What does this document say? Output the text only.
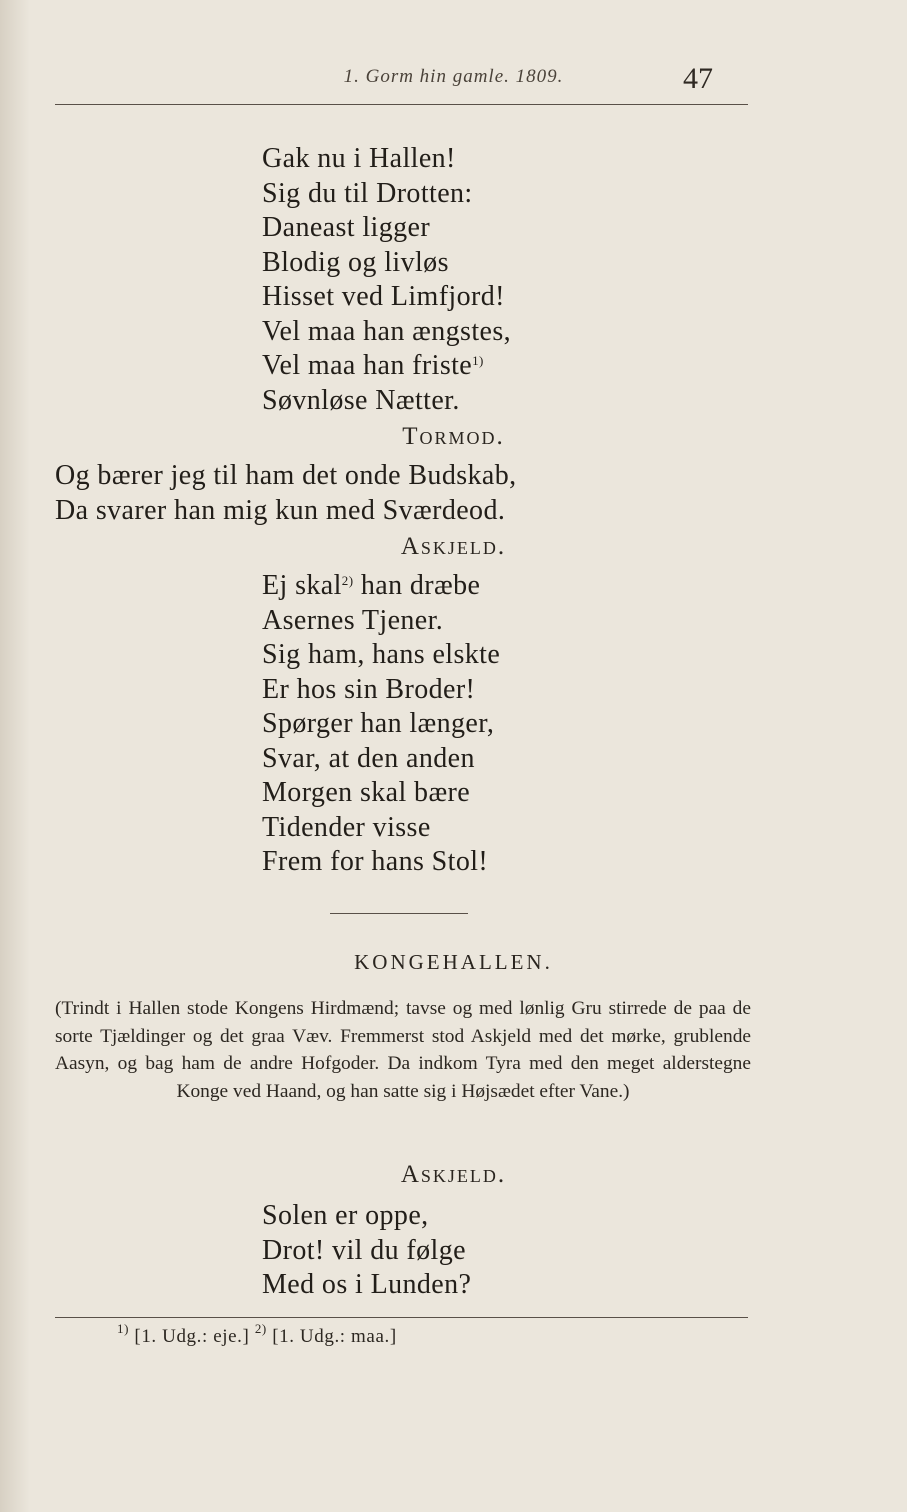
1. Gorm hin gamle. 1809.	47
Gak nu i Hallen!
Sig du til Drotten:
Daneast ligger
Blodig og livløs
Hisset ved Limfjord!
Vel maa han ængstes,
Vel maa han friste$^{1)}$
Søvnløse Nætter.
Tormod.
Og bærer jeg til ham det onde Budskab,
Da svarer han mig kun med Sværdeod.
Askjeld.
Ej skal$^{2)}$ han dræbe
Asernes Tjener.
Sig ham, hans elskte
Er hos sin Broder!
Spørger han længer,
Svar, at den anden
Morgen skal bære
Tidender visse
Frem for hans Stol!
KONGEHALLEN.

(Trindt i Hallen stode Kongens Hirdmænd; tavse og med lønlig Gru stirrede de paa de sorte Tjældinger og det graa Væv. Fremmerst stod Askjeld med det mørke, grublende Aasyn, og bag ham de andre Hofgoder. Da indkom Tyra med den meget alderstegne Konge ved Haand, og han satte sig i Højsædet efter Vane.)

Askjeld.
Solen er oppe,
Drot! vil du følge
Med os i Lunden?
$^{1)}$ [1. Udg.: eje.] $^{2)}$ [1. Udg.: maa.]
